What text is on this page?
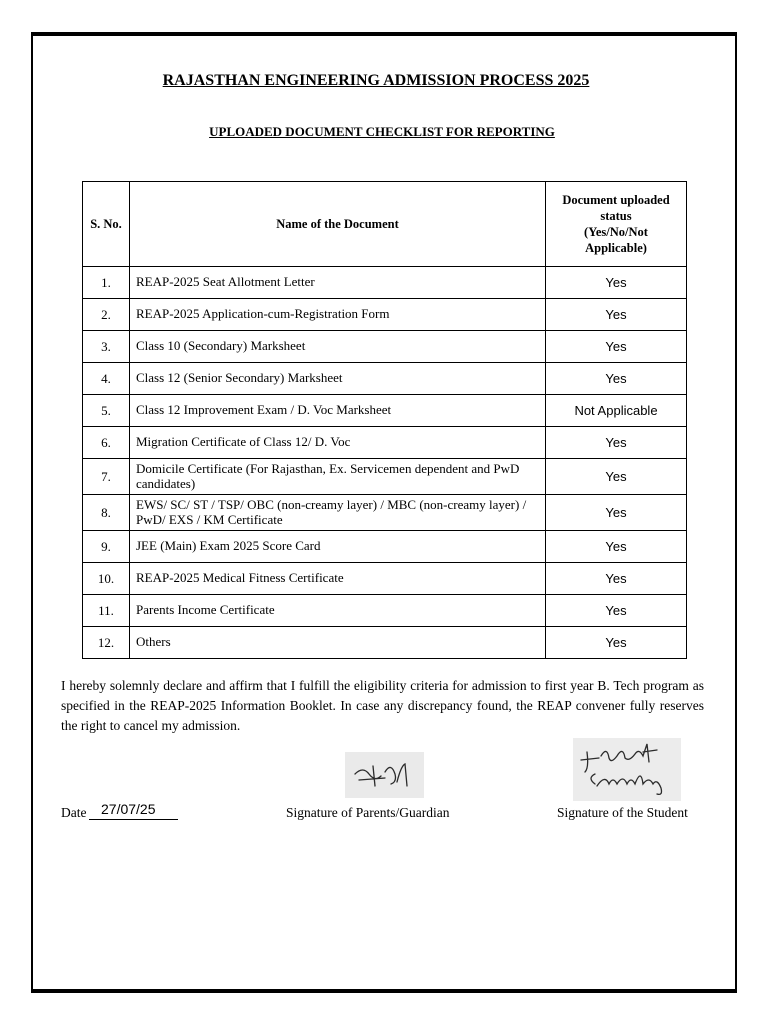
RAJASTHAN ENGINEERING ADMISSION PROCESS 2025
UPLOADED DOCUMENT CHECKLIST FOR REPORTING
S. No.	Name of the Document	Document uploaded
status
(Yes/No/Not
Applicable)
1.	REAP-2025 Seat Allotment Letter	Yes
2.	REAP-2025 Application-cum-Registration Form	Yes
3.	Class 10 (Secondary) Marksheet	Yes
4.	Class 12 (Senior Secondary) Marksheet	Yes
5.	Class 12 Improvement Exam / D. Voc Marksheet	Not Applicable
6.	Migration Certificate of Class 12/ D. Voc	Yes
7.	Domicile Certificate (For Rajasthan, Ex. Servicemen dependent and PwD candidates)	Yes
8.	EWS/ SC/ ST / TSP/ OBC (non-creamy layer) / MBC (non-creamy layer) / PwD/ EXS / KM Certificate	Yes
9.	JEE (Main) Exam 2025 Score Card	Yes
10.	REAP-2025 Medical Fitness Certificate	Yes
11.	Parents Income Certificate	Yes
12.	Others	Yes
I hereby solemnly declare and affirm that I fulfill the eligibility criteria for admission to first year B. Tech program as specified in the REAP-2025 Information Booklet. In case any discrepancy found, the REAP convener fully reserves the right to cancel my admission.
Date 27/07/25	Signature of Parents/Guardian	Signature of the Student
